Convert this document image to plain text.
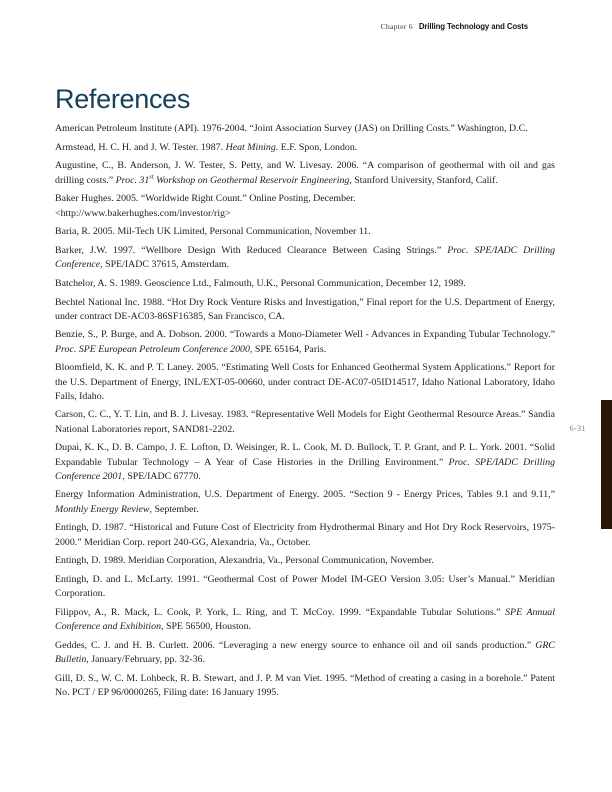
Chapter 6 Drilling Technology and Costs
6-31
References

American Petroleum Institute (API). 1976-2004. “Joint Association Survey (JAS) on Drilling Costs.” Washington, D.C.

Armstead, H. C. H. and J. W. Tester. 1987. Heat Mining. E.F. Spon, London.

Augustine, C., B. Anderson, J. W. Tester, S. Petty, and W. Livesay. 2006. “A comparison of geothermal with oil and gas drilling costs.” Proc. 31st Workshop on Geothermal Reservoir Engineering, Stanford University, Stanford, Calif.

Baker Hughes. 2005. “Worldwide Right Count.” Online Posting, December.
<http://www.bakerhughes.com/investor/rig>

Baria, R. 2005. Mil-Tech UK Limited, Personal Communication, November 11.

Barker, J.W. 1997. “Wellbore Design With Reduced Clearance Between Casing Strings.” Proc. SPE/IADC Drilling Conference, SPE/IADC 37615, Amsterdam.

Batchelor, A. S. 1989. Geoscience Ltd., Falmouth, U.K., Personal Communication, December 12, 1989.

Bechtel National Inc. 1988. “Hot Dry Rock Venture Risks and Investigation,” Final report for the U.S. Department of Energy, under contract DE-AC03-86SF16385, San Francisco, CA.

Benzie, S., P. Burge, and A. Dobson. 2000. “Towards a Mono-Diameter Well - Advances in Expanding Tubular Technology.” Proc. SPE European Petroleum Conference 2000, SPE 65164, Paris.

Bloomfield, K. K. and P. T. Laney. 2005. “Estimating Well Costs for Enhanced Geothermal System Applications.” Report for the U.S. Department of Energy, INL/EXT-05-00660, under contract DE-AC07-05ID14517, Idaho National Laboratory, Idaho Falls, Idaho.

Carson, C. C., Y. T. Lin, and B. J. Livesay. 1983. “Representative Well Models for Eight Geothermal Resource Areas.” Sandia National Laboratories report, SAND81-2202.

Dupai, K. K., D. B. Campo, J. E. Lofton, D. Weisinger, R. L. Cook, M. D. Bullock, T. P. Grant, and P. L. York. 2001. “Solid Expandable Tubular Technology – A Year of Case Histories in the Drilling Environment.” Proc. SPE/IADC Drilling Conference 2001, SPE/IADC 67770.

Energy Information Administration, U.S. Department of Energy. 2005. “Section 9 - Energy Prices, Tables 9.1 and 9.11,” Monthly Energy Review, September.

Entingh, D. 1987. “Historical and Future Cost of Electricity from Hydrothermal Binary and Hot Dry Rock Reservoirs, 1975-2000.” Meridian Corp. report 240-GG, Alexandria, Va., October.

Entingh, D. 1989. Meridian Corporation, Alexandria, Va., Personal Communication, November.

Entingh, D. and L. McLarty. 1991. “Geothermal Cost of Power Model IM-GEO Version 3.05: User’s Manual.” Meridian Corporation.

Filippov, A., R. Mack, L. Cook, P. York, L. Ring, and T. McCoy. 1999. “Expandable Tubular Solutions.” SPE Annual Conference and Exhibition, SPE 56500, Houston.

Geddes, C. J. and H. B. Curlett. 2006. “Leveraging a new energy source to enhance oil and oil sands production.” GRC Bulletin, January/February, pp. 32-36.

Gill, D. S., W. C. M. Lohbeck, R. B. Stewart, and J. P. M van Viet. 1995. “Method of creating a casing in a borehole.” Patent No. PCT / EP 96/0000265, Filing date: 16 January 1995.
